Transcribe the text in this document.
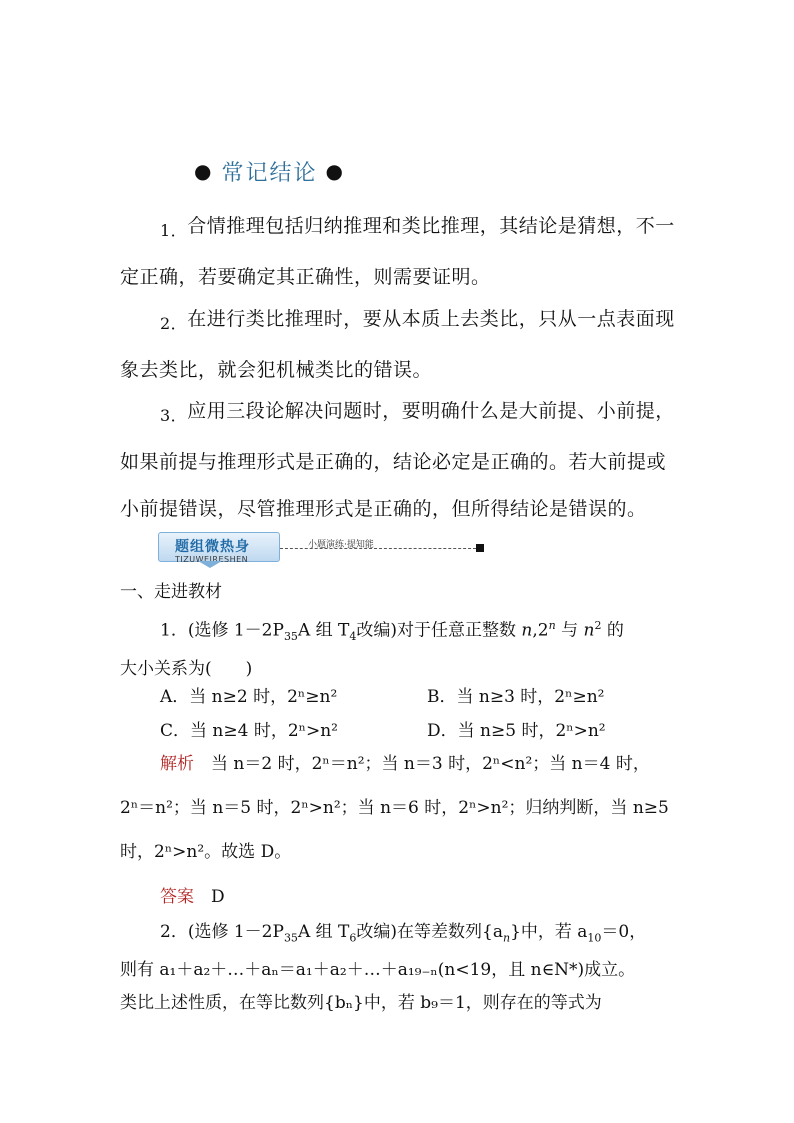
● 常记结论 ●
1．合情推理包括归纳推理和类比推理，其结论是猜想，不一定正确，若要确定其正确性，则需要证明。
2．在进行类比推理时，要从本质上去类比，只从一点表面现象去类比，就会犯机械类比的错误。
3．应用三段论解决问题时，要明确什么是大前提、小前提，如果前提与推理形式是正确的，结论必定是正确的。若大前提或小前提错误，尽管推理形式是正确的，但所得结论是错误的。
题组微热身
TIZUWEIRESHEN
小题演练·提知能
一、走进教材
1．(选修 $1-2P_{35}A$ 组 $T_4$改编)对于任意正整数 n,2$^n$ 与 $n^2$ 的
大小关系为(　　)
A．当 n≥2 时，2ⁿ≥n²	B．当 n≥3 时，2ⁿ≥n²
C．当 n≥4 时，2ⁿ>n²	D．当 n≥5 时，2ⁿ>n²
解析　 当 n＝2 时，2ⁿ＝n²；当 n＝3 时，2ⁿ<n²；当 n＝4 时，
2ⁿ＝n²；当 n＝5 时，2ⁿ>n²；当 n＝6 时，2ⁿ>n²；归纳判断，当 n≥5
时，2ⁿ>n²。故选 D。
答案　 D
2．(选修 $1-2P_{35}A$ 组 $T_6$改编)在等差数列$\{a_n\}$中，若 $a_{10}=0$，
则有 a₁＋a₂＋…＋aₙ＝a₁＋a₂＋…＋a₁₉₋ₙ(n<19，且 n∈N*)成立。
类比上述性质，在等比数列{bₙ}中，若 b₉＝1，则存在的等式为
